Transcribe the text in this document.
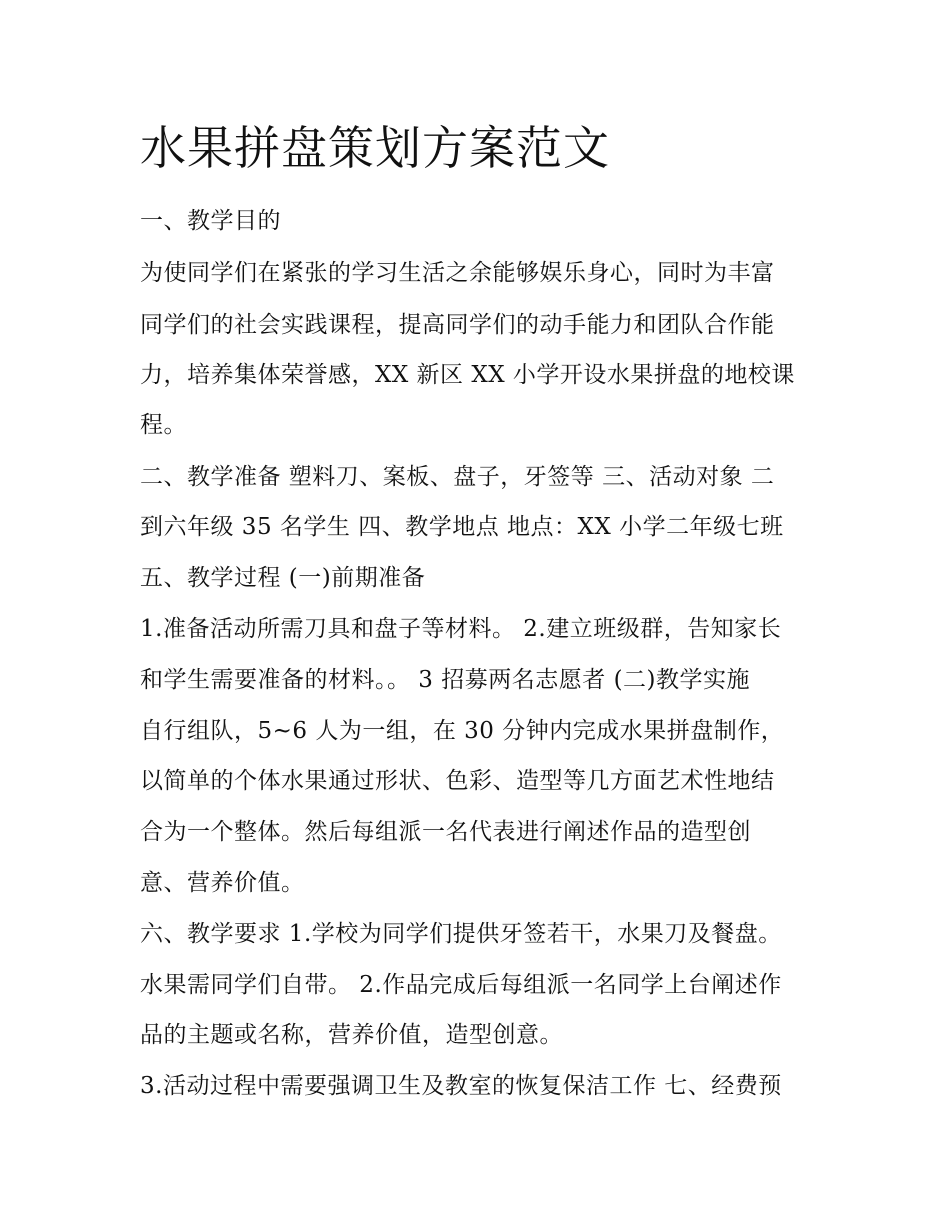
水果拼盘策划方案范文

一、教学目的

为使同学们在紧张的学习生活之余能够娱乐身心，同时为丰富

同学们的社会实践课程，提高同学们的动手能力和团队合作能

力，培养集体荣誉感，XX 新区 XX 小学开设水果拼盘的地校课

程。

二、教学准备 塑料刀、案板、盘子，牙签等 三、活动对象 二

到六年级 35 名学生 四、教学地点 地点：XX 小学二年级七班

五、教学过程 (一)前期准备

1.准备活动所需刀具和盘子等材料。 2.建立班级群，告知家长

和学生需要准备的材料。。 3 招募两名志愿者 (二)教学实施

自行组队，5~6 人为一组，在 30 分钟内完成水果拼盘制作，

以简单的个体水果通过形状、色彩、造型等几方面艺术性地结

合为一个整体。然后每组派一名代表进行阐述作品的造型创

意、营养价值。

六、教学要求 1.学校为同学们提供牙签若干，水果刀及餐盘。

水果需同学们自带。 2.作品完成后每组派一名同学上台阐述作

品的主题或名称，营养价值，造型创意。

3.活动过程中需要强调卫生及教室的恢复保洁工作 七、经费预
